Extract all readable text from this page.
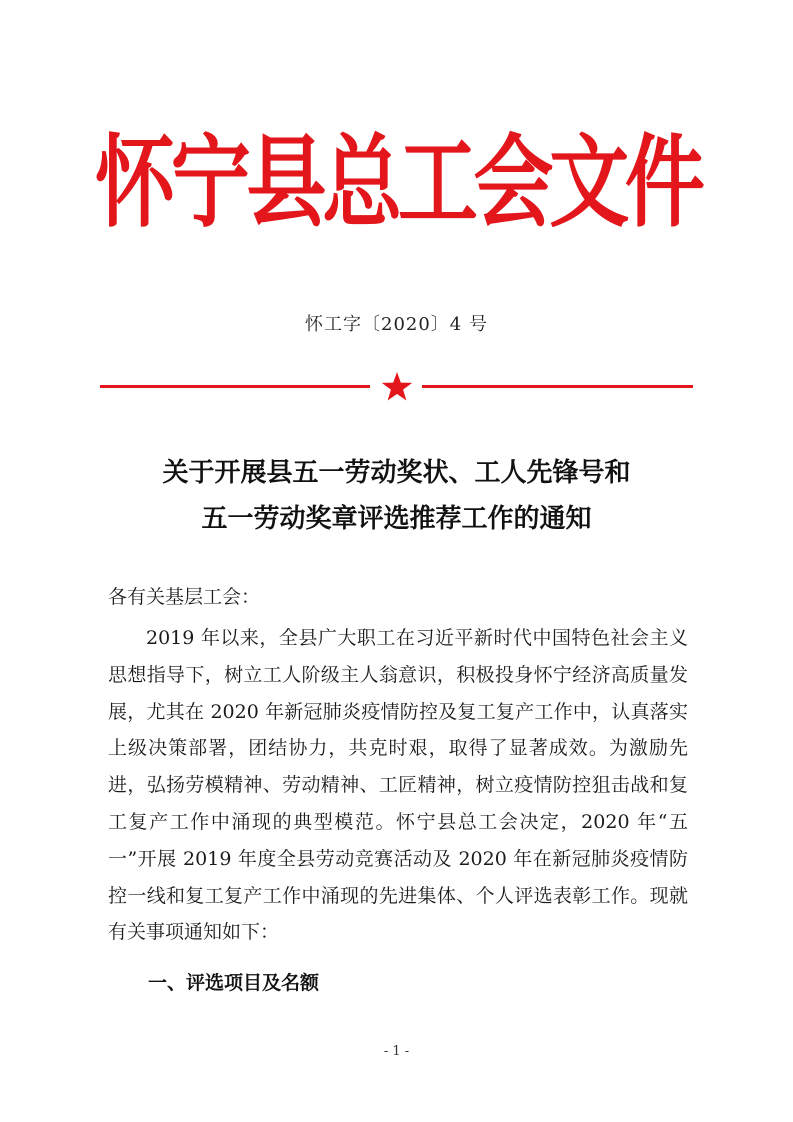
怀
宁
县
总
工
会
文
件
怀工字〔2020〕4 号
关于开展县五一劳动奖状、工人先锋号和
五一劳动奖章评选推荐工作的通知
各有关基层工会：

2019 年以来，全县广大职工在习近平新时代中国特色社会主义思想指导下，树立工人阶级主人翁意识，积极投身怀宁经济高质量发展，尤其在 2020 年新冠肺炎疫情防控及复工复产工作中，认真落实上级决策部署，团结协力，共克时艰，取得了显著成效。为激励先进，弘扬劳模精神、劳动精神、工匠精神，树立疫情防控狙击战和复工复产工作中涌现的典型模范。怀宁县总工会决定，2020 年“五一”开展 2019 年度全县劳动竞赛活动及 2020 年在新冠肺炎疫情防控一线和复工复产工作中涌现的先进集体、个人评选表彰工作。现就有关事项通知如下：

一、评选项目及名额
- 1 -
